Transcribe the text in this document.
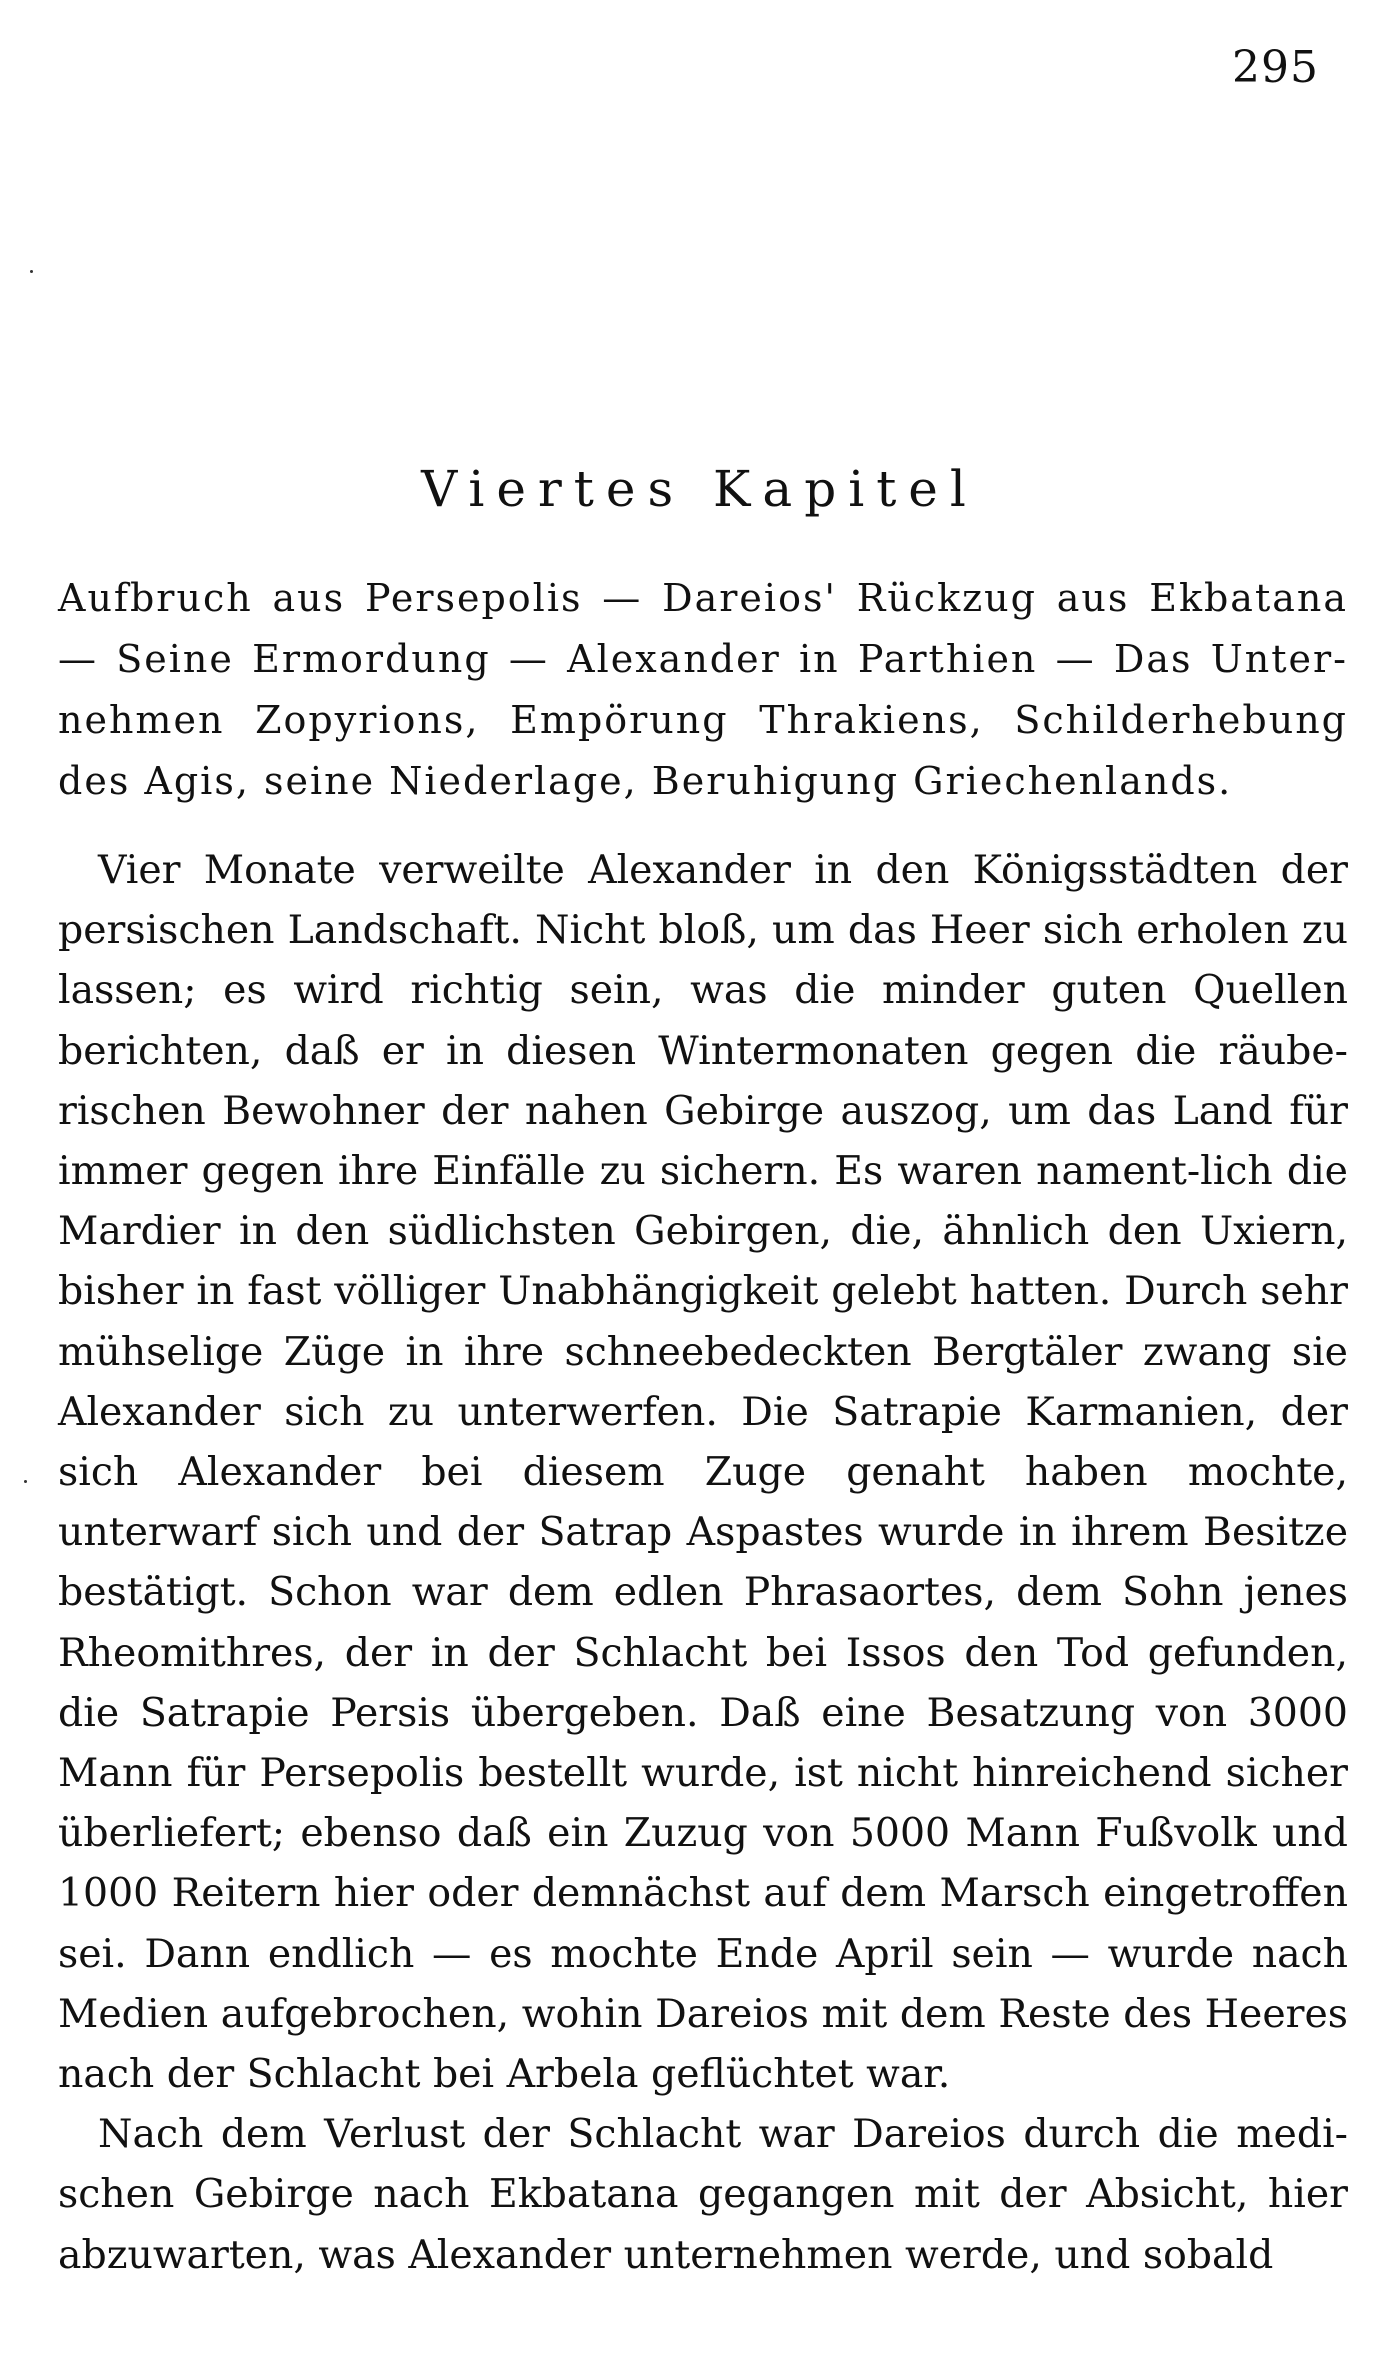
295
Viertes Kapitel

Aufbruch aus Persepolis — Dareios' Rückzug aus Ekbatana — Seine Ermordung — Alexander in Parthien — Das Unter-nehmen Zopyrions, Empörung Thrakiens, Schilderhebung des Agis, seine Niederlage, Beruhigung Griechenlands.

Vier Monate verweilte Alexander in den Königsstädten der persischen Landschaft. Nicht bloß, um das Heer sich erholen zu lassen; es wird richtig sein, was die minder guten Quellen berichten, daß er in diesen Wintermonaten gegen die räube-rischen Bewohner der nahen Gebirge auszog, um das Land für immer gegen ihre Einfälle zu sichern. Es waren nament-lich die Mardier in den südlichsten Gebirgen, die, ähnlich den Uxiern, bisher in fast völliger Unabhängigkeit gelebt hatten. Durch sehr mühselige Züge in ihre schneebedeckten Bergtäler zwang sie Alexander sich zu unterwerfen. Die Satrapie Karmanien, der sich Alexander bei diesem Zuge genaht haben mochte, unterwarf sich und der Satrap Aspastes wurde in ihrem Besitze bestätigt. Schon war dem edlen Phrasaortes, dem Sohn jenes Rheomithres, der in der Schlacht bei Issos den Tod gefunden, die Satrapie Persis übergeben. Daß eine Besatzung von 3000 Mann für Persepolis bestellt wurde, ist nicht hinreichend sicher überliefert; ebenso daß ein Zuzug von 5000 Mann Fußvolk und 1000 Reitern hier oder demnächst auf dem Marsch eingetroffen sei. Dann endlich — es mochte Ende April sein — wurde nach Medien aufgebrochen, wohin Dareios mit dem Reste des Heeres nach der Schlacht bei Arbela geflüchtet war.

Nach dem Verlust der Schlacht war Dareios durch die medi-schen Gebirge nach Ekbatana gegangen mit der Absicht, hier abzuwarten, was Alexander unternehmen werde, und sobald
